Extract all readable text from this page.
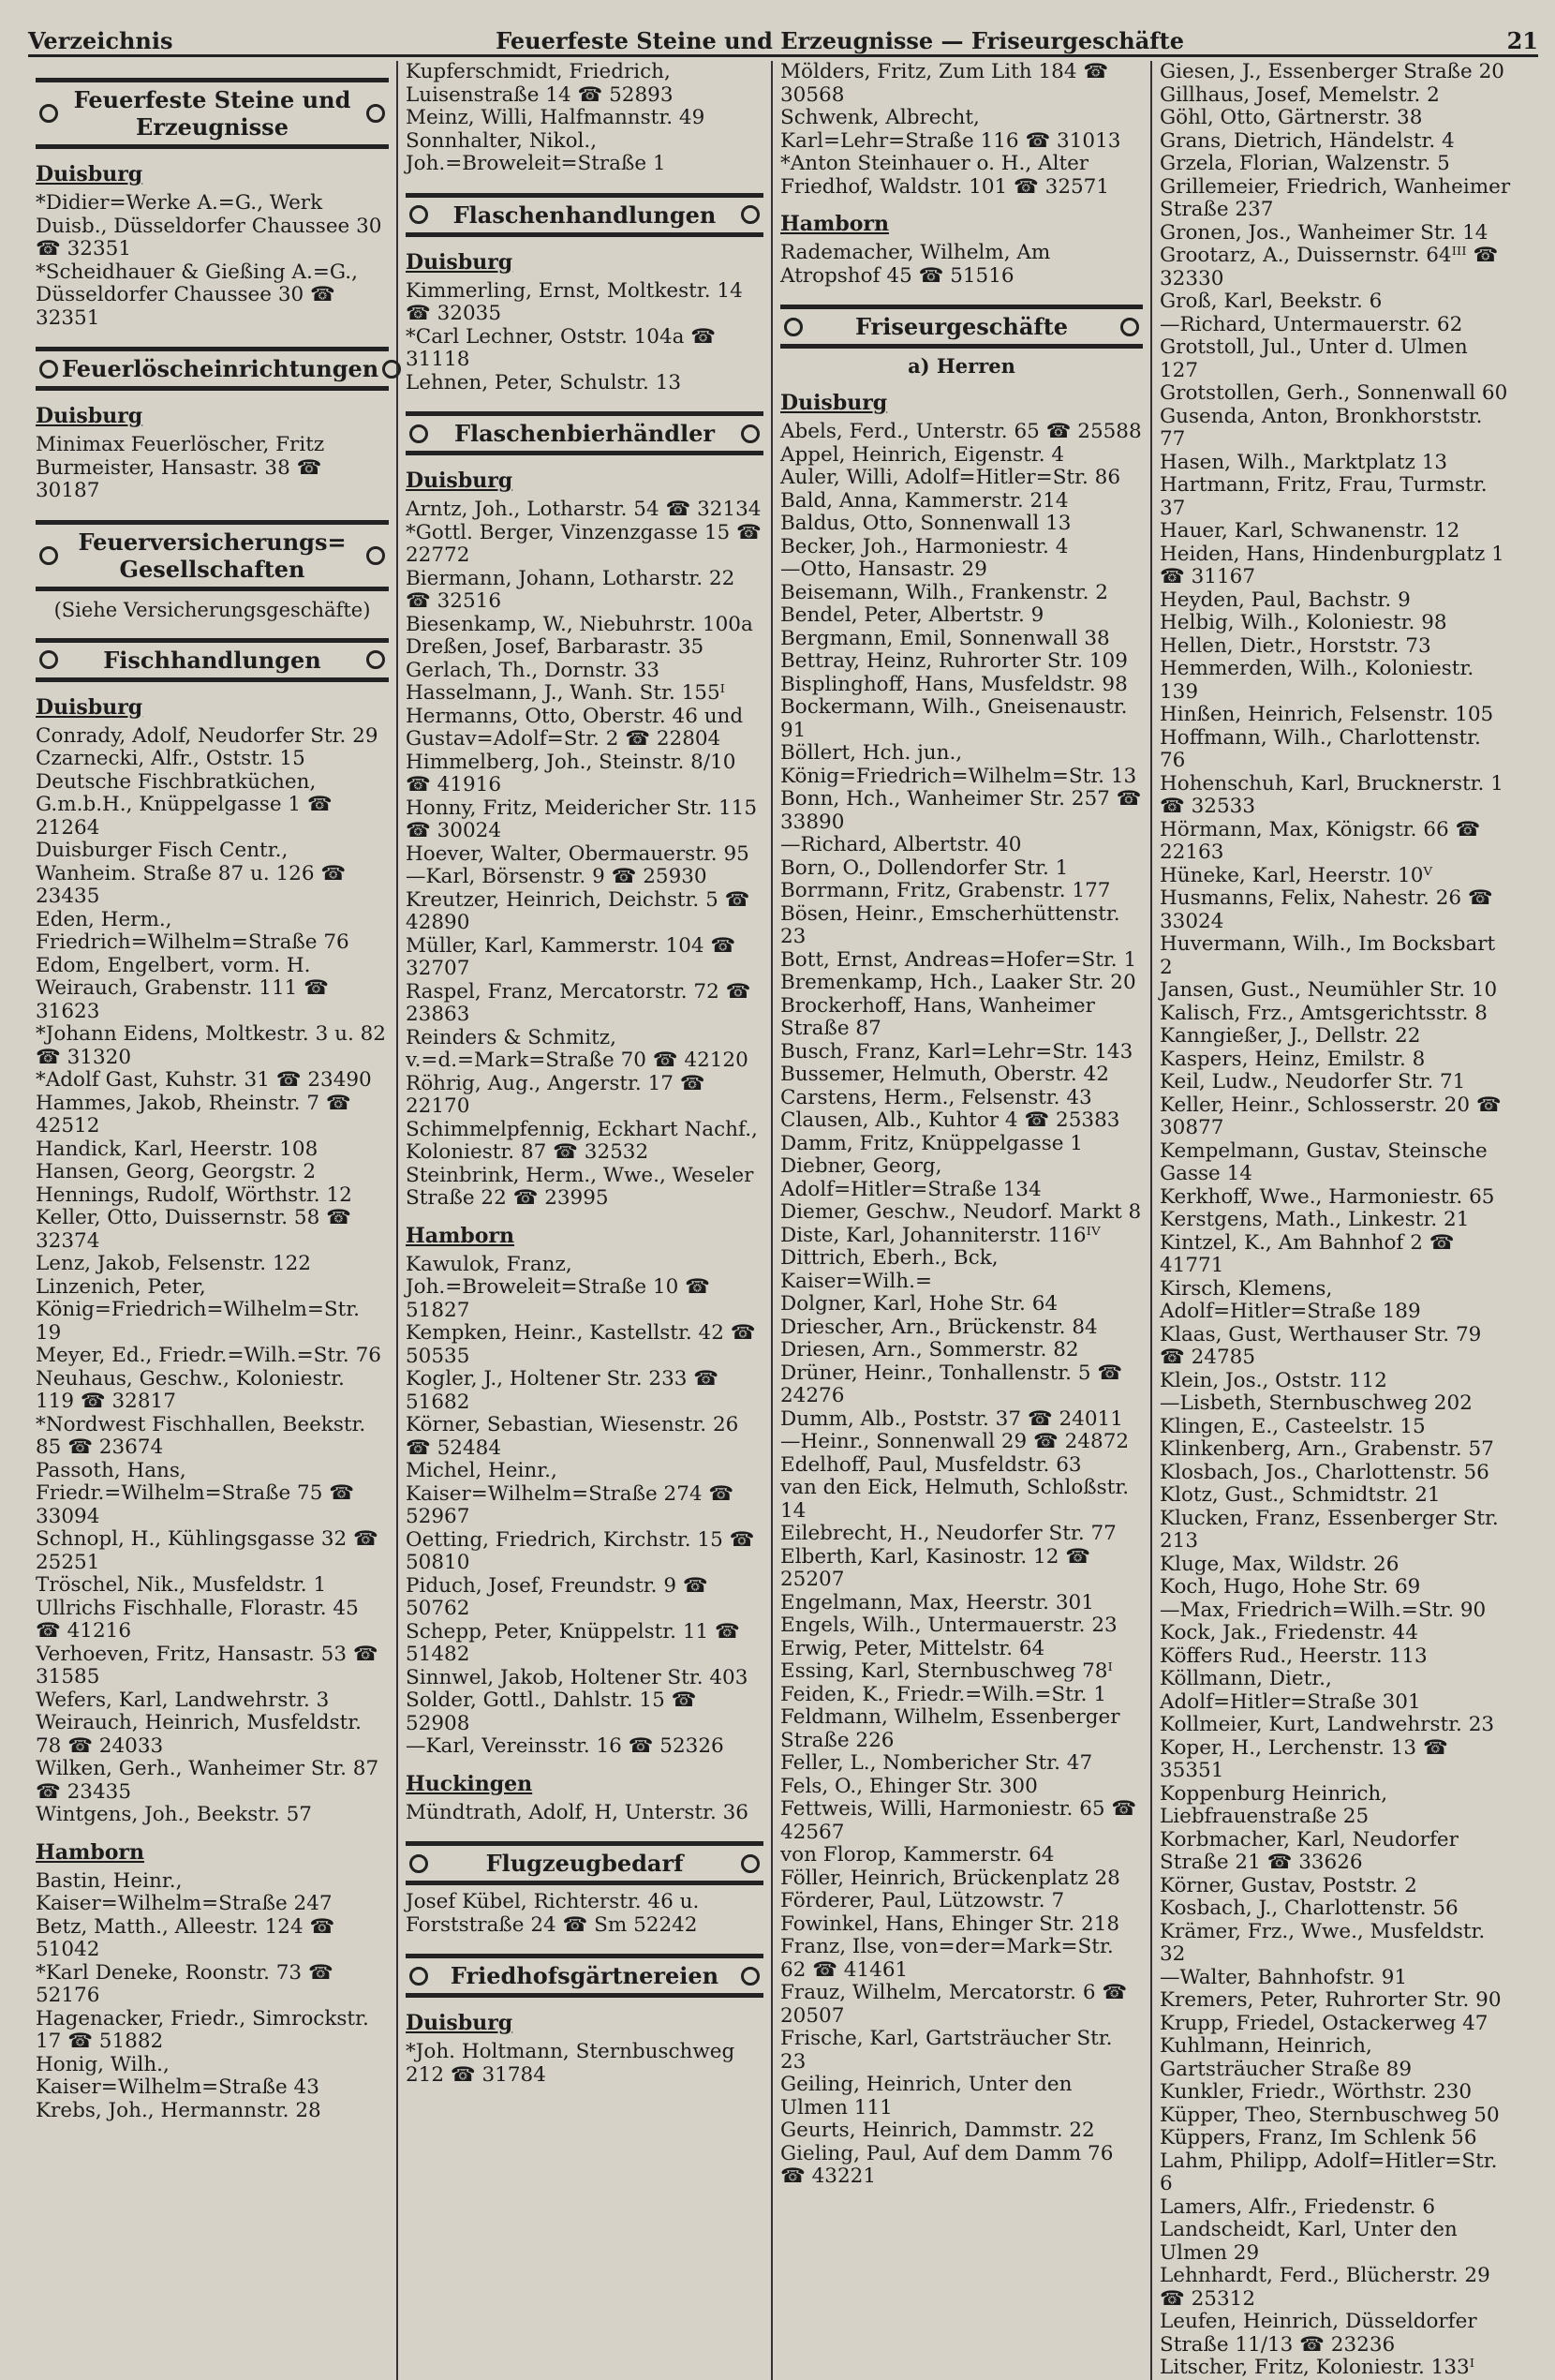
Verzeichnis	Feuerfeste Steine und Erzeugnisse — Friseurgeschäfte	21
Feuerfeste Steine und Erzeugnisse
Duisburg
*Didier=Werke A.=G., Werk Duisb., Düsseldorfer Chaussee 30 ☎ 32351
*Scheidhauer & Gießing A.=G., Düsseldorfer Chaussee 30 ☎ 32351
Feuerlöscheinrichtungen
Duisburg
Minimax Feuerlöscher, Fritz Burmeister, Hansastr. 38 ☎ 30187
Feuerversicherungs= Gesellschaften
(Siehe Versicherungsgeschäfte)
Fischhandlungen
Duisburg
Conrady, Adolf, Neudorfer Str. 29
Czarnecki, Alfr., Oststr. 15
Deutsche Fischbratküchen, G.m.b.H., Knüppelgasse 1 ☎ 21264
Duisburger Fisch Centr., Wanheim. Straße 87 u. 126 ☎ 23435
Eden, Herm., Friedrich=Wilhelm=Straße 76
Edom, Engelbert, vorm. H. Weirauch, Grabenstr. 111 ☎ 31623
*Johann Eidens, Moltkestr. 3 u. 82 ☎ 31320
*Adolf Gast, Kuhstr. 31 ☎ 23490
Hammes, Jakob, Rheinstr. 7 ☎ 42512
Handick, Karl, Heerstr. 108
Hansen, Georg, Georgstr. 2
Hennings, Rudolf, Wörthstr. 12
Keller, Otto, Duissernstr. 58 ☎ 32374
Lenz, Jakob, Felsenstr. 122
Linzenich, Peter, König=Friedrich=Wilhelm=Str. 19
Meyer, Ed., Friedr.=Wilh.=Str. 76
Neuhaus, Geschw., Koloniestr. 119 ☎ 32817
*Nordwest Fischhallen, Beekstr. 85 ☎ 23674
Passoth, Hans, Friedr.=Wilhelm=Straße 75 ☎ 33094
Schnopl, H., Kühlingsgasse 32 ☎ 25251
Tröschel, Nik., Musfeldstr. 1
Ullrichs Fischhalle, Florastr. 45 ☎ 41216
Verhoeven, Fritz, Hansastr. 53 ☎ 31585
Wefers, Karl, Landwehrstr. 3
Weirauch, Heinrich, Musfeldstr. 78 ☎ 24033
Wilken, Gerh., Wanheimer Str. 87 ☎ 23435
Wintgens, Joh., Beekstr. 57
Hamborn
Bastin, Heinr., Kaiser=Wilhelm=Straße 247
Betz, Matth., Alleestr. 124 ☎ 51042
*Karl Deneke, Roonstr. 73 ☎ 52176
Hagenacker, Friedr., Simrockstr. 17 ☎ 51882
Honig, Wilh., Kaiser=Wilhelm=Straße 43
Krebs, Joh., Hermannstr. 28
Kupferschmidt, Friedrich, Luisenstraße 14 ☎ 52893
Meinz, Willi, Halfmannstr. 49
Sonnhalter, Nikol., Joh.=Broweleit=Straße 1
Flaschenhandlungen
Duisburg
Kimmerling, Ernst, Moltkestr. 14 ☎ 32035
*Carl Lechner, Oststr. 104a ☎ 31118
Lehnen, Peter, Schulstr. 13
Flaschenbierhändler
Duisburg
Arntz, Joh., Lotharstr. 54 ☎ 32134
*Gottl. Berger, Vinzenzgasse 15 ☎ 22772
Biermann, Johann, Lotharstr. 22 ☎ 32516
Biesenkamp, W., Niebuhrstr. 100a
Dreßen, Josef, Barbarastr. 35
Gerlach, Th., Dornstr. 33
Hasselmann, J., Wanh. Str. 155ᴵ
Hermanns, Otto, Oberstr. 46 und Gustav=Adolf=Str. 2 ☎ 22804
Himmelberg, Joh., Steinstr. 8/10 ☎ 41916
Honny, Fritz, Meidericher Str. 115 ☎ 30024
Hoever, Walter, Obermauerstr. 95
—Karl, Börsenstr. 9 ☎ 25930
Kreutzer, Heinrich, Deichstr. 5 ☎ 42890
Müller, Karl, Kammerstr. 104 ☎ 32707
Raspel, Franz, Mercatorstr. 72 ☎ 23863
Reinders & Schmitz, v.=d.=Mark=Straße 70 ☎ 42120
Röhrig, Aug., Angerstr. 17 ☎ 22170
Schimmelpfennig, Eckhart Nachf., Koloniestr. 87 ☎ 32532
Steinbrink, Herm., Wwe., Weseler Straße 22 ☎ 23995
Hamborn
Kawulok, Franz, Joh.=Broweleit=Straße 10 ☎ 51827
Kempken, Heinr., Kastellstr. 42 ☎ 50535
Kogler, J., Holtener Str. 233 ☎ 51682
Körner, Sebastian, Wiesenstr. 26 ☎ 52484
Michel, Heinr., Kaiser=Wilhelm=Straße 274 ☎ 52967
Oetting, Friedrich, Kirchstr. 15 ☎ 50810
Piduch, Josef, Freundstr. 9 ☎ 50762
Schepp, Peter, Knüppelstr. 11 ☎ 51482
Sinnwel, Jakob, Holtener Str. 403
Solder, Gottl., Dahlstr. 15 ☎ 52908
—Karl, Vereinsstr. 16 ☎ 52326
Huckingen
Mündtrath, Adolf, H, Unterstr. 36
Flugzeugbedarf
Josef Kübel, Richterstr. 46 u. Forststraße 24 ☎ Sm 52242
Friedhofsgärtnereien
Duisburg
*Joh. Holtmann, Sternbuschweg 212 ☎ 31784
Mölders, Fritz, Zum Lith 184 ☎ 30568
Schwenk, Albrecht, Karl=Lehr=Straße 116 ☎ 31013
*Anton Steinhauer o. H., Alter Friedhof, Waldstr. 101 ☎ 32571
Hamborn
Rademacher, Wilhelm, Am Atropshof 45 ☎ 51516
Friseurgeschäfte
a) Herren
Duisburg
Abels, Ferd., Unterstr. 65 ☎ 25588
Appel, Heinrich, Eigenstr. 4
Auler, Willi, Adolf=Hitler=Str. 86
Bald, Anna, Kammerstr. 214
Baldus, Otto, Sonnenwall 13
Becker, Joh., Harmoniestr. 4
—Otto, Hansastr. 29
Beisemann, Wilh., Frankenstr. 2
Bendel, Peter, Albertstr. 9
Bergmann, Emil, Sonnenwall 38
Bettray, Heinz, Ruhrorter Str. 109
Bisplinghoff, Hans, Musfeldstr. 98
Bockermann, Wilh., Gneisenaustr. 91
Böllert, Hch. jun., König=Friedrich=Wilhelm=Str. 13
Bonn, Hch., Wanheimer Str. 257 ☎ 33890
—Richard, Albertstr. 40
Born, O., Dollendorfer Str. 1
Borrmann, Fritz, Grabenstr. 177
Bösen, Heinr., Emscherhüttenstr. 23
Bott, Ernst, Andreas=Hofer=Str. 1
Bremenkamp, Hch., Laaker Str. 20
Brockerhoff, Hans, Wanheimer Straße 87
Busch, Franz, Karl=Lehr=Str. 143
Bussemer, Helmuth, Oberstr. 42
Carstens, Herm., Felsenstr. 43
Clausen, Alb., Kuhtor 4 ☎ 25383
Damm, Fritz, Knüppelgasse 1
Diebner, Georg, Adolf=Hitler=Straße 134
Diemer, Geschw., Neudorf. Markt 8
Diste, Karl, Johanniterstr. 116ᴵⱽ
Dittrich, Eberh., Bck, Kaiser=Wilh.=
Dolgner, Karl, Hohe Str. 64
Driescher, Arn., Brückenstr. 84
Driesen, Arn., Sommerstr. 82
Drüner, Heinr., Tonhallenstr. 5 ☎ 24276
Dumm, Alb., Poststr. 37 ☎ 24011
—Heinr., Sonnenwall 29 ☎ 24872
Edelhoff, Paul, Musfeldstr. 63
van den Eick, Helmuth, Schloßstr. 14
Eilebrecht, H., Neudorfer Str. 77
Elberth, Karl, Kasinostr. 12 ☎ 25207
Engelmann, Max, Heerstr. 301
Engels, Wilh., Untermauerstr. 23
Erwig, Peter, Mittelstr. 64
Essing, Karl, Sternbuschweg 78ᴵ
Feiden, K., Friedr.=Wilh.=Str. 1
Feldmann, Wilhelm, Essenberger Straße 226
Feller, L., Nombericher Str. 47
Fels, O., Ehinger Str. 300
Fettweis, Willi, Harmoniestr. 65 ☎ 42567
von Florop, Kammerstr. 64
Föller, Heinrich, Brückenplatz 28
Förderer, Paul, Lützowstr. 7
Fowinkel, Hans, Ehinger Str. 218
Franz, Ilse, von=der=Mark=Str. 62 ☎ 41461
Frauz, Wilhelm, Mercatorstr. 6 ☎ 20507
Frische, Karl, Gartsträucher Str. 23
Geiling, Heinrich, Unter den Ulmen 111
Geurts, Heinrich, Dammstr. 22
Gieling, Paul, Auf dem Damm 76 ☎ 43221
Giesen, J., Essenberger Straße 20
Gillhaus, Josef, Memelstr. 2
Göhl, Otto, Gärtnerstr. 38
Grans, Dietrich, Händelstr. 4
Grzela, Florian, Walzenstr. 5
Grillemeier, Friedrich, Wanheimer Straße 237
Gronen, Jos., Wanheimer Str. 14
Grootarz, A., Duissernstr. 64ᴵᴵᴵ ☎ 32330
Groß, Karl, Beekstr. 6
—Richard, Untermauerstr. 62
Grotstoll, Jul., Unter d. Ulmen 127
Grotstollen, Gerh., Sonnenwall 60
Gusenda, Anton, Bronkhorststr. 77
Hasen, Wilh., Marktplatz 13
Hartmann, Fritz, Frau, Turmstr. 37
Hauer, Karl, Schwanenstr. 12
Heiden, Hans, Hindenburgplatz 1 ☎ 31167
Heyden, Paul, Bachstr. 9
Helbig, Wilh., Koloniestr. 98
Hellen, Dietr., Horststr. 73
Hemmerden, Wilh., Koloniestr. 139
Hinßen, Heinrich, Felsenstr. 105
Hoffmann, Wilh., Charlottenstr. 76
Hohenschuh, Karl, Brucknerstr. 1 ☎ 32533
Hörmann, Max, Königstr. 66 ☎ 22163
Hüneke, Karl, Heerstr. 10ⱽ
Husmanns, Felix, Nahestr. 26 ☎ 33024
Huvermann, Wilh., Im Bocksbart 2
Jansen, Gust., Neumühler Str. 10
Kalisch, Frz., Amtsgerichtsstr. 8
Kanngießer, J., Dellstr. 22
Kaspers, Heinz, Emilstr. 8
Keil, Ludw., Neudorfer Str. 71
Keller, Heinr., Schlosserstr. 20 ☎ 30877
Kempelmann, Gustav, Steinsche Gasse 14
Kerkhoff, Wwe., Harmoniestr. 65
Kerstgens, Math., Linkestr. 21
Kintzel, K., Am Bahnhof 2 ☎ 41771
Kirsch, Klemens, Adolf=Hitler=Straße 189
Klaas, Gust, Werthauser Str. 79 ☎ 24785
Klein, Jos., Oststr. 112
—Lisbeth, Sternbuschweg 202
Klingen, E., Casteelstr. 15
Klinkenberg, Arn., Grabenstr. 57
Klosbach, Jos., Charlottenstr. 56
Klotz, Gust., Schmidtstr. 21
Klucken, Franz, Essenberger Str. 213
Kluge, Max, Wildstr. 26
Koch, Hugo, Hohe Str. 69
—Max, Friedrich=Wilh.=Str. 90
Kock, Jak., Friedenstr. 44
Köffers Rud., Heerstr. 113
Köllmann, Dietr., Adolf=Hitler=Straße 301
Kollmeier, Kurt, Landwehrstr. 23
Koper, H., Lerchenstr. 13 ☎ 35351
Koppenburg Heinrich, Liebfrauenstraße 25
Korbmacher, Karl, Neudorfer Straße 21 ☎ 33626
Körner, Gustav, Poststr. 2
Kosbach, J., Charlottenstr. 56
Krämer, Frz., Wwe., Musfeldstr. 32
—Walter, Bahnhofstr. 91
Kremers, Peter, Ruhrorter Str. 90
Krupp, Friedel, Ostackerweg 47
Kuhlmann, Heinrich, Gartsträucher Straße 89
Kunkler, Friedr., Wörthstr. 230
Küpper, Theo, Sternbuschweg 50
Küppers, Franz, Im Schlenk 56
Lahm, Philipp, Adolf=Hitler=Str. 6
Lamers, Alfr., Friedenstr. 6
Landscheidt, Karl, Unter den Ulmen 29
Lehnhardt, Ferd., Blücherstr. 29 ☎ 25312
Leufen, Heinrich, Düsseldorfer Straße 11/13 ☎ 23236
Litscher, Fritz, Koloniestr. 133ᴵ
